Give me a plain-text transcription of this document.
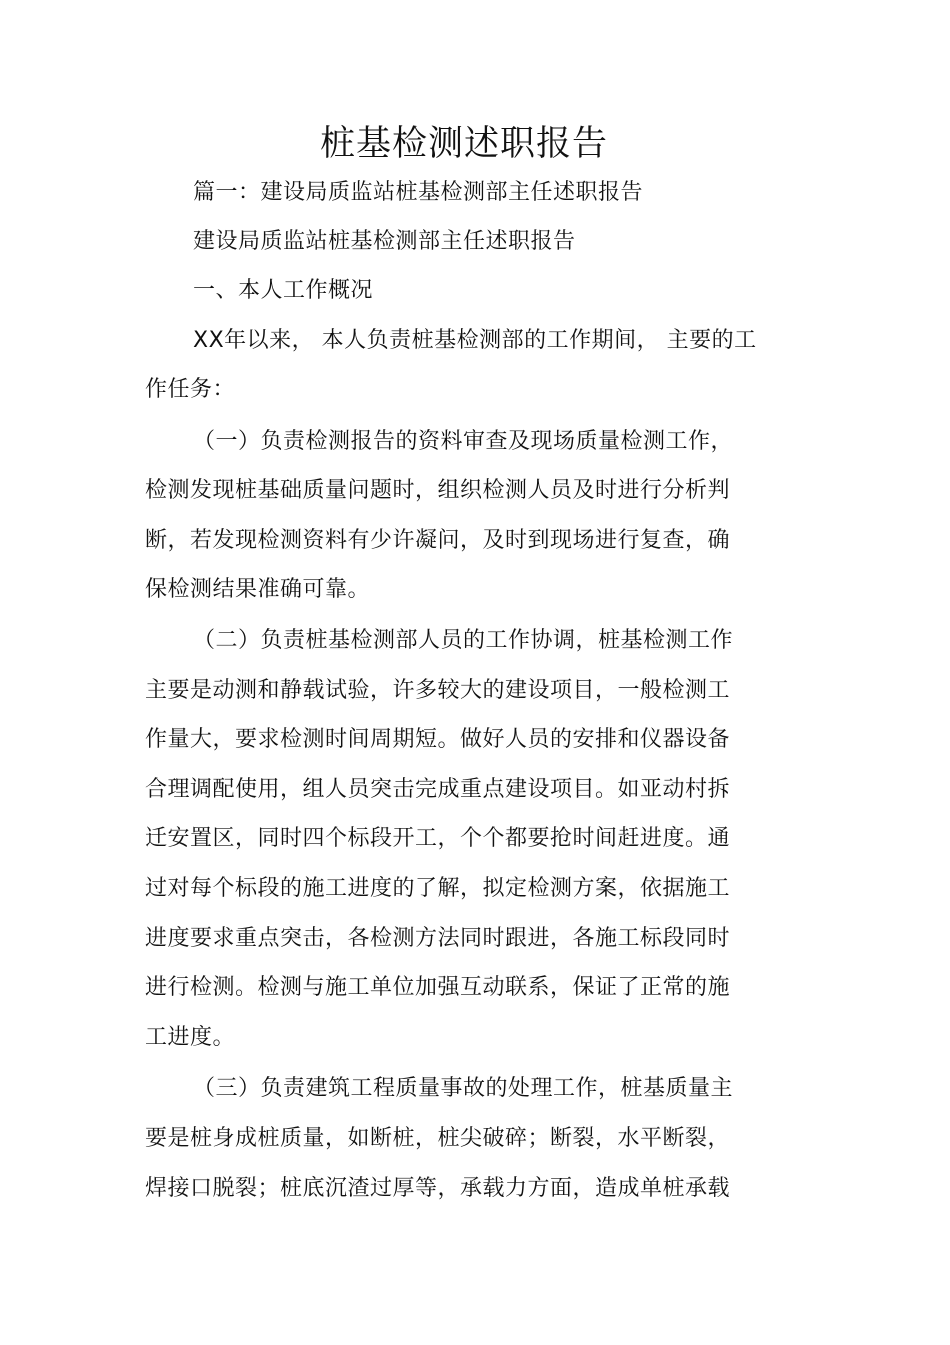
桩基检测述职报告
篇一：建设局质监站桩基检测部主任述职报告
建设局质监站桩基检测部主任述职报告
一、本人工作概况
XX年以来， 本人负责桩基检测部的工作期间， 主要的工
作任务：
（一）负责检测报告的资料审查及现场质量检测工作，
检测发现桩基础质量问题时，组织检测人员及时进行分析判
断，若发现检测资料有少许凝问，及时到现场进行复查，确
保检测结果准确可靠。
（二）负责桩基检测部人员的工作协调，桩基检测工作
主要是动测和静载试验，许多较大的建设项目，一般检测工
作量大，要求检测时间周期短。做好人员的安排和仪器设备
合理调配使用，组人员突击完成重点建设项目。如亚动村拆
迁安置区，同时四个标段开工，个个都要抢时间赶进度。通
过对每个标段的施工进度的了解，拟定检测方案，依据施工
进度要求重点突击，各检测方法同时跟进，各施工标段同时
进行检测。检测与施工单位加强互动联系，保证了正常的施
工进度。
（三）负责建筑工程质量事故的处理工作，桩基质量主
要是桩身成桩质量，如断桩，桩尖破碎；断裂，水平断裂，
焊接口脱裂；桩底沉渣过厚等，承载力方面，造成单桩承载
